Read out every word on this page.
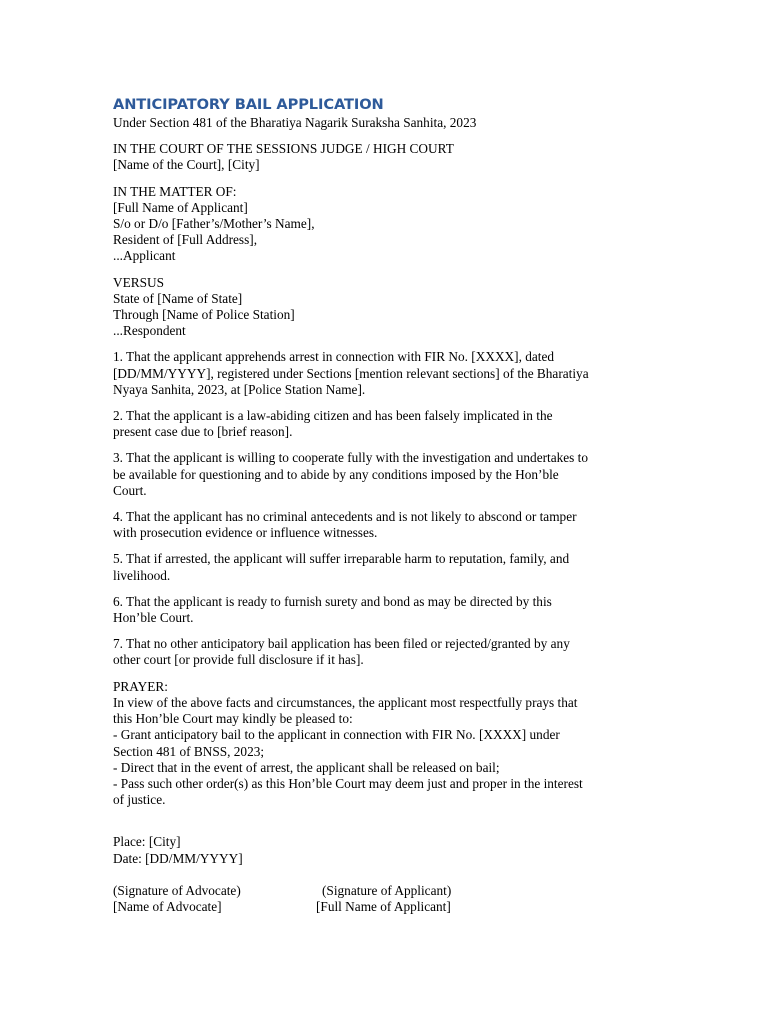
ANTICIPATORY BAIL APPLICATION
Under Section 481 of the Bharatiya Nagarik Suraksha Sanhita, 2023
IN THE COURT OF THE SESSIONS JUDGE / HIGH COURT
[Name of the Court], [City]
IN THE MATTER OF:
[Full Name of Applicant]
S/o or D/o [Father’s/Mother’s Name],
Resident of [Full Address],
...Applicant
VERSUS
State of [Name of State]
Through [Name of Police Station]
...Respondent
1. That the applicant apprehends arrest in connection with FIR No. [XXXX], dated
[DD/MM/YYYY], registered under Sections [mention relevant sections] of the Bharatiya
Nyaya Sanhita, 2023, at [Police Station Name].
2. That the applicant is a law-abiding citizen and has been falsely implicated in the
present case due to [brief reason].
3. That the applicant is willing to cooperate fully with the investigation and undertakes to
be available for questioning and to abide by any conditions imposed by the Hon’ble
Court.
4. That the applicant has no criminal antecedents and is not likely to abscond or tamper
with prosecution evidence or influence witnesses.
5. That if arrested, the applicant will suffer irreparable harm to reputation, family, and
livelihood.
6. That the applicant is ready to furnish surety and bond as may be directed by this
Hon’ble Court.
7. That no other anticipatory bail application has been filed or rejected/granted by any
other court [or provide full disclosure if it has].
PRAYER:
In view of the above facts and circumstances, the applicant most respectfully prays that
this Hon’ble Court may kindly be pleased to:
- Grant anticipatory bail to the applicant in connection with FIR No. [XXXX] under
Section 481 of BNSS, 2023;
- Direct that in the event of arrest, the applicant shall be released on bail;
- Pass such other order(s) as this Hon’ble Court may deem just and proper in the interest
of justice.
Place: [City]
Date: [DD/MM/YYYY]
(Signature of Advocate)	(Signature of Applicant)
[Name of Advocate]	[Full Name of Applicant]
